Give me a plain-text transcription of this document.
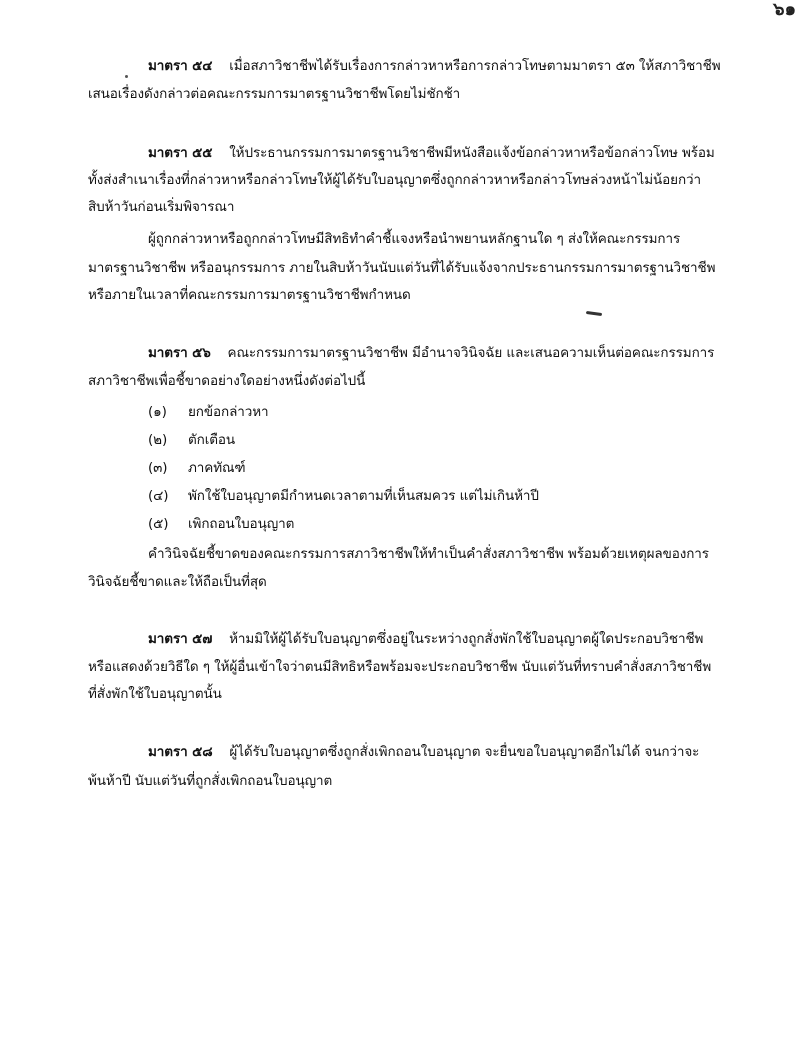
๖๑
มาตรา ๕๔ เมื่อสภาวิชาชีพได้รับเรื่องการกล่าวหาหรือการกล่าวโทษตามมาตรา ๕๓ ให้สภาวิชาชีพ
เสนอเรื่องดังกล่าวต่อคณะกรรมการมาตรฐานวิชาชีพโดยไม่ชักช้า
มาตรา ๕๕ ให้ประธานกรรมการมาตรฐานวิชาชีพมีหนังสือแจ้งข้อกล่าวหาหรือข้อกล่าวโทษ พร้อม
ทั้งส่งสำเนาเรื่องที่กล่าวหาหรือกล่าวโทษให้ผู้ได้รับใบอนุญาตซึ่งถูกกล่าวหาหรือกล่าวโทษล่วงหน้าไม่น้อยกว่า
สิบห้าวันก่อนเริ่มพิจารณา
ผู้ถูกกล่าวหาหรือถูกกล่าวโทษมีสิทธิทำคำชี้แจงหรือนำพยานหลักฐานใด ๆ ส่งให้คณะกรรมการ
มาตรฐานวิชาชีพ หรืออนุกรรมการ ภายในสิบห้าวันนับแต่วันที่ได้รับแจ้งจากประธานกรรมการมาตรฐานวิชาชีพ
หรือภายในเวลาที่คณะกรรมการมาตรฐานวิชาชีพกำหนด
มาตรา ๕๖ คณะกรรมการมาตรฐานวิชาชีพ มีอำนาจวินิจฉัย และเสนอความเห็นต่อคณะกรรมการ
สภาวิชาชีพเพื่อชี้ขาดอย่างใดอย่างหนึ่งดังต่อไปนี้
(๑) ยกข้อกล่าวหา
(๒) ตักเตือน
(๓) ภาคทัณฑ์
(๔) พักใช้ใบอนุญาตมีกำหนดเวลาตามที่เห็นสมควร แต่ไม่เกินห้าปี
(๕) เพิกถอนใบอนุญาต
คำวินิจฉัยชี้ขาดของคณะกรรมการสภาวิชาชีพให้ทำเป็นคำสั่งสภาวิชาชีพ พร้อมด้วยเหตุผลของการ
วินิจฉัยชี้ขาดและให้ถือเป็นที่สุด
มาตรา ๕๗ ห้ามมิให้ผู้ได้รับใบอนุญาตซึ่งอยู่ในระหว่างถูกสั่งพักใช้ใบอนุญาตผู้ใดประกอบวิชาชีพ
หรือแสดงด้วยวิธีใด ๆ ให้ผู้อื่นเข้าใจว่าตนมีสิทธิหรือพร้อมจะประกอบวิชาชีพ นับแต่วันที่ทราบคำสั่งสภาวิชาชีพ
ที่สั่งพักใช้ใบอนุญาตนั้น
มาตรา ๕๘ ผู้ได้รับใบอนุญาตซึ่งถูกสั่งเพิกถอนใบอนุญาต จะยื่นขอใบอนุญาตอีกไม่ได้ จนกว่าจะ
พ้นห้าปี นับแต่วันที่ถูกสั่งเพิกถอนใบอนุญาต
